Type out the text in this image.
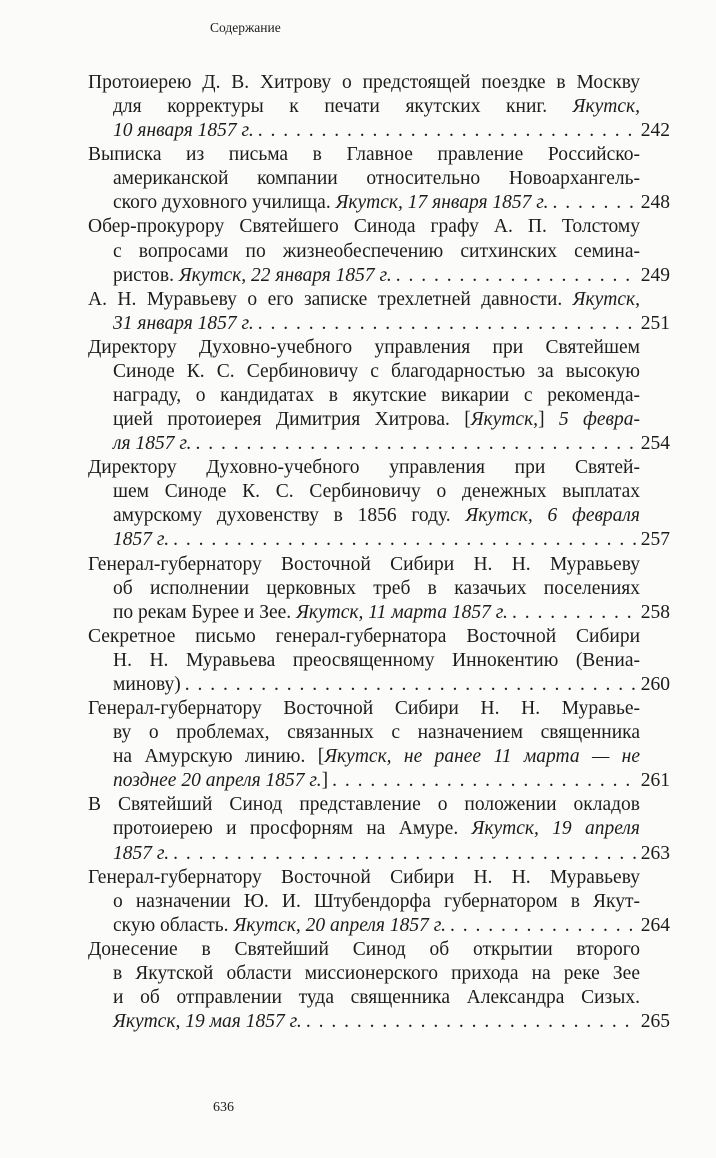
Содержание
Протоиерею Д. В. Хитрову о предстоящей поездке в Москву
для корректуры к печати якутских книг. Якутск,
10 января 1857 г. . . .	242
Выписка из письма в Главное правление Российско-
американской компании относительно Новоархангель-
ского духовного училища. Якутск, 17 января 1857 г. . . .	248
Обер-прокурору Святейшего Синода графу А. П. Толстому
с вопросами по жизнеобеспечению ситхинских семина-
ристов. Якутск, 22 января 1857 г. . . .	249
А. Н. Муравьеву о его записке трехлетней давности. Якутск,
31 января 1857 г. . . .	251
Директору Духовно-учебного управления при Святейшем
Синоде К. С. Сербиновичу с благодарностью за высокую
награду, о кандидатах в якутские викарии с рекоменда-
цией протоиерея Димитрия Хитрова. [Якутск,] 5 февра-
ля 1857 г. . . .	254
Директору Духовно-учебного управления при Святей-
шем Синоде К. С. Сербиновичу о денежных выплатах
амурскому духовенству в 1856 году. Якутск, 6 февраля
1857 г. . . .	257
Генерал-губернатору Восточной Сибири Н. Н. Муравьеву
об исполнении церковных треб в казачьих поселениях
по рекам Бурее и Зее. Якутск, 11 марта 1857 г. . . .	258
Секретное письмо генерал-губернатора Восточной Сибири
Н. Н. Муравьева преосвященному Иннокентию (Вениа-
минову) . . .	260
Генерал-губернатору Восточной Сибири Н. Н. Муравье-
ву о проблемах, связанных с назначением священника
на Амурскую линию. [Якутск, не ранее 11 марта — не
позднее 20 апреля 1857 г.] . . .	261
В Святейший Синод представление о положении окладов
протоиерею и просфорням на Амуре. Якутск, 19 апреля
1857 г. . . .	263
Генерал-губернатору Восточной Сибири Н. Н. Муравьеву
о назначении Ю. И. Штубендорфа губернатором в Якут-
скую область. Якутск, 20 апреля 1857 г. . . .	264
Донесение в Святейший Синод об открытии второго
в Якутской области миссионерского прихода на реке Зее
и об отправлении туда священника Александра Сизых.
Якутск, 19 мая 1857 г. . . .	265
636
